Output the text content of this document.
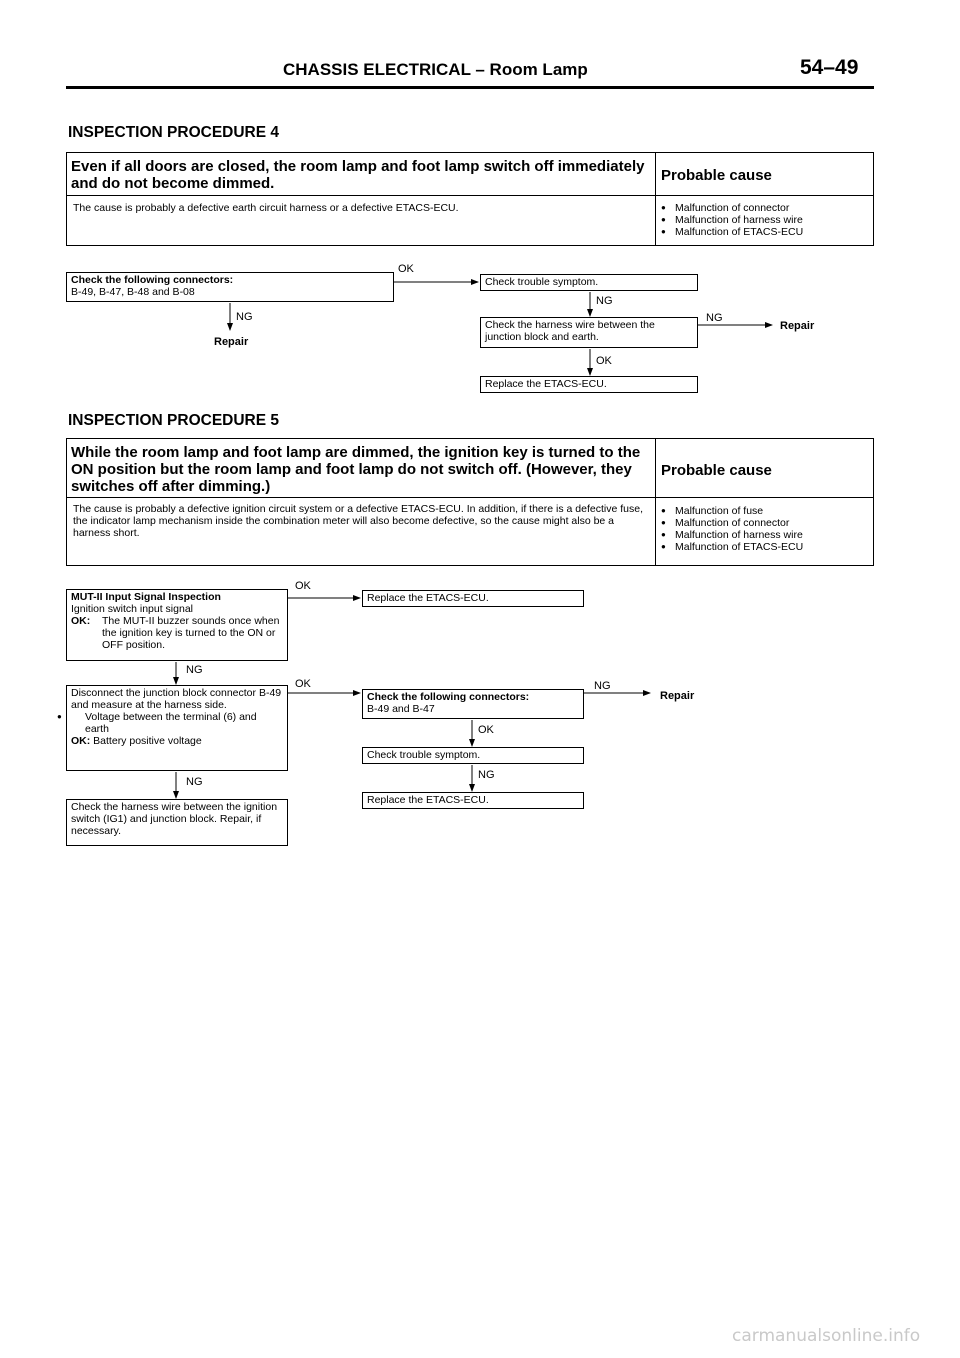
CHASSIS ELECTRICAL – Room Lamp	54–49
INSPECTION PROCEDURE 4
Even if all doors are closed, the room lamp and foot lamp switch off immediately and do not become dimmed.	Probable cause
The cause is probably a defective earth circuit harness or a defective ETACS-ECU.
●	Malfunction of connector
● Malfunction of harness wire
● Malfunction of ETACS-ECU
Check the following connectors:
B-49, B-47, B-48 and B-08
Check trouble symptom.
Check the harness wire between the junction block and earth.
Replace the ETACS-ECU.
OK
NG
Repair
NG
NG
Repair
OK
INSPECTION PROCEDURE 5
While the room lamp and foot lamp are dimmed, the ignition key is turned to the ON position but the room lamp and foot lamp do not switch off. (However, they switches off after dimming.)
Probable cause
The cause is probably a defective ignition circuit system or a defective ETACS-ECU. In addition, if there is a defective fuse, the indicator lamp mechanism inside the combination meter will also become defective, so the cause might also be a harness short.
● Malfunction of fuse
● Malfunction of connector
● Malfunction of harness wire
● Malfunction of ETACS-ECU
MUT-II Input Signal Inspection
Ignition switch input signal
OK:	The MUT-II buzzer sounds once when the ignition key is turned to the ON or OFF position.
Replace the ETACS-ECU.
Disconnect the junction block connector B-49 and measure at the harness side.
● Voltage between the terminal (6) and earth
OK: Battery positive voltage
Check the following connectors:
B-49 and B-47
Check trouble symptom.
Replace the ETACS-ECU.
Check the harness wire between the ignition switch (IG1) and junction block. Repair, if necessary.
OK
NG
OK	NG
Repair
OK
NG
NG
carmanualsonline.info
